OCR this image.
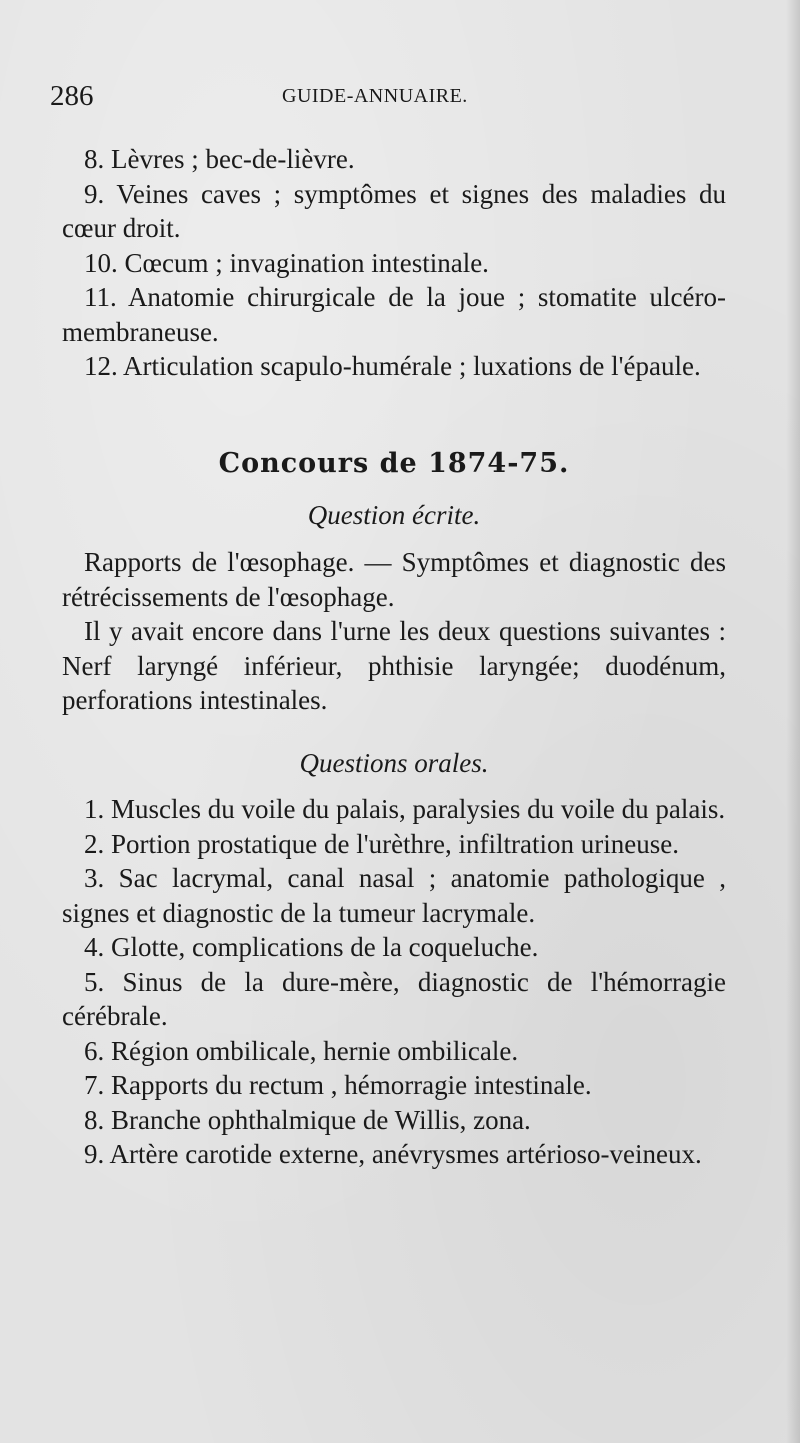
286	GUIDE-ANNUAIRE.

8. Lèvres ; bec-de-lièvre.

9. Veines caves ; symptômes et signes des maladies du cœur droit.

10. Cœcum ; invagination intestinale.

11. Anatomie chirurgicale de la joue ; stomatite ulcéro-membraneuse.

12. Articulation scapulo-humérale ; luxations de l'épaule.

Concours de 1874-75.
Question écrite.

Rapports de l'œsophage. — Symptômes et diagnostic des rétrécissements de l'œsophage.

Il y avait encore dans l'urne les deux questions suivantes : Nerf laryngé inférieur, phthisie laryngée; duodénum, perforations intestinales.

Questions orales.

1. Muscles du voile du palais, paralysies du voile du palais.

2. Portion prostatique de l'urèthre, infiltration urineuse.

3. Sac lacrymal, canal nasal ; anatomie pathologique , signes et diagnostic de la tumeur lacrymale.

4. Glotte, complications de la coqueluche.

5. Sinus de la dure-mère, diagnostic de l'hémorragie cérébrale.

6. Région ombilicale, hernie ombilicale.

7. Rapports du rectum , hémorragie intestinale.

8. Branche ophthalmique de Willis, zona.

9. Artère carotide externe, anévrysmes artérioso-veineux.
